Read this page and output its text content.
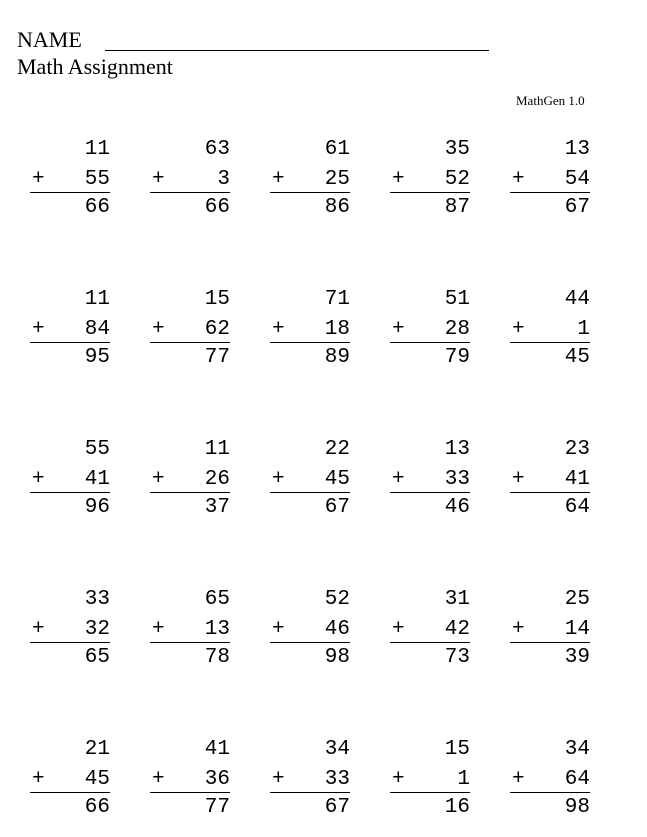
NAME
Math Assignment
MathGen 1.0
11
+ 55
66
63
+	3
66
61
+ 25
86
35
+ 52
87
13
+ 54
67
11
+ 84
95
15
+ 62
77
71
+ 18
89
51
+ 28
79
44
+	1
45
55
+ 41
96
11
+ 26
37
22
+ 45
67
13
+ 33
46
23
+ 41
64
33
+ 32
65
65
+ 13
78
52
+ 46
98
31
+ 42
73
25
+ 14
39
21
+ 45
66
41
+ 36
77
34
+ 33
67
15
+	1
16
34
+ 64
98
